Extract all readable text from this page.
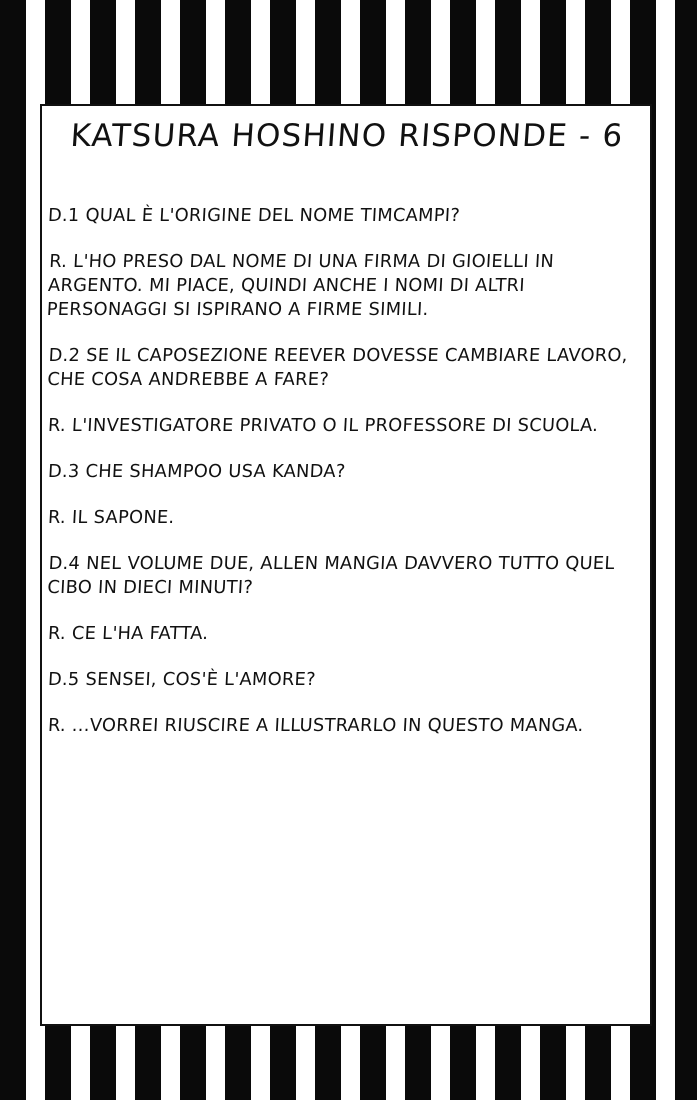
KATSURA HOSHINO RISPONDE - 6
D.1 QUAL È L'ORIGINE DEL NOME TIMCAMPI?
R. L'HO PRESO DAL NOME DI UNA FIRMA DI GIOIELLI IN ARGENTO. MI PIACE, QUINDI ANCHE I NOMI DI ALTRI PERSONAGGI SI ISPIRANO A FIRME SIMILI.
D.2 SE IL CAPOSEZIONE REEVER DOVESSE CAMBIARE LAVORO, CHE COSA ANDREBBE A FARE?
R. L'INVESTIGATORE PRIVATO O IL PROFESSORE DI SCUOLA.
D.3 CHE SHAMPOO USA KANDA?
R. IL SAPONE.
D.4 NEL VOLUME DUE, ALLEN MANGIA DAVVERO TUTTO QUEL CIBO IN DIECI MINUTI?
R. CE L'HA FATTA.
D.5 SENSEI, COS'È L'AMORE?
R. ...VORREI RIUSCIRE A ILLUSTRARLO IN QUESTO MANGA.
